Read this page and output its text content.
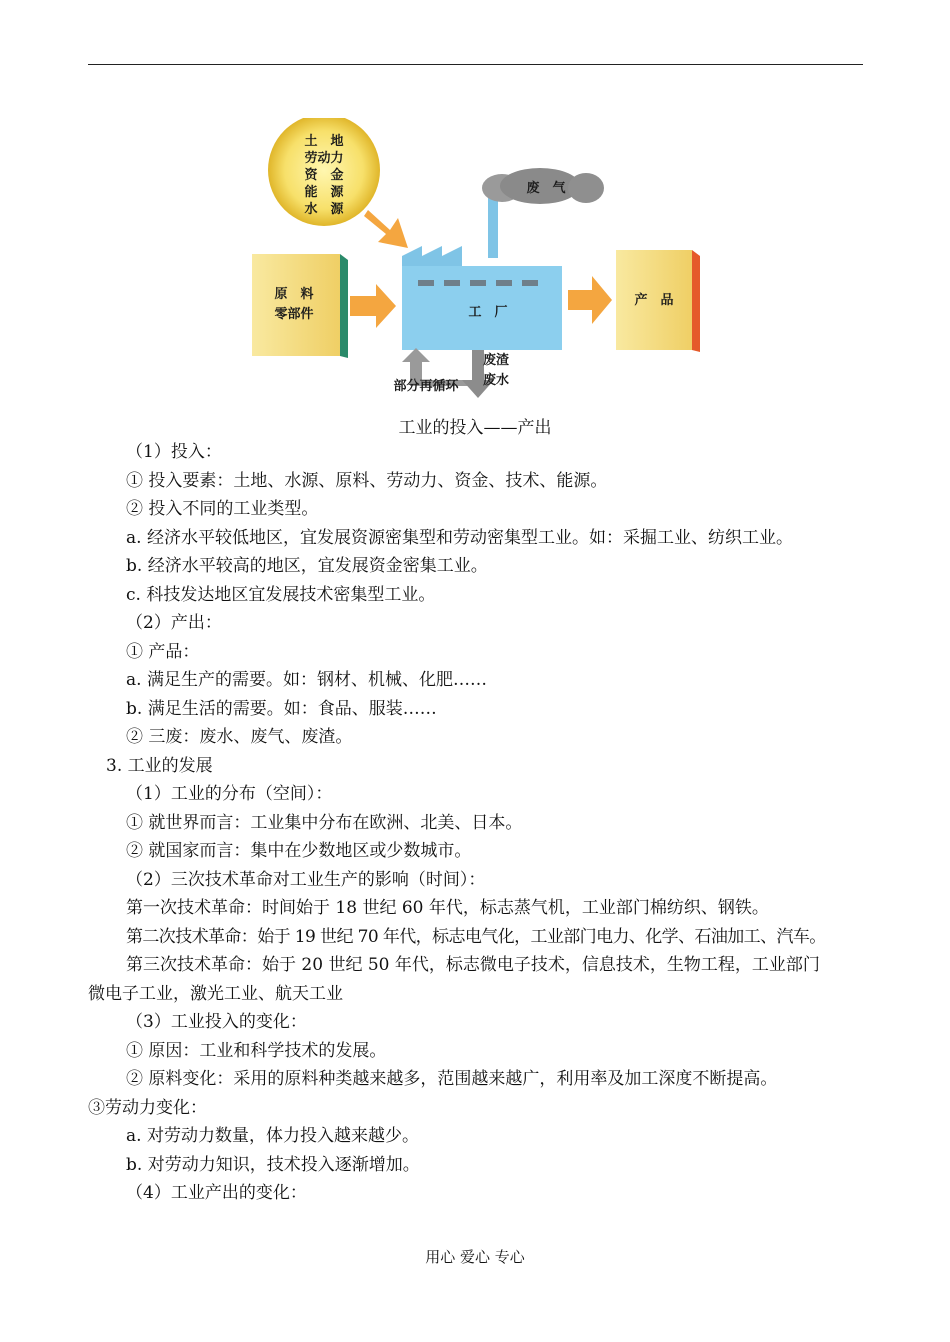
土　地
劳动力
资　金
能　源
水　源
原　料
零部件	工　厂
废　气
产　品
部分再循环
废渣
废水
工业的投入——产出
（1）投入：
① 投入要素：土地、水源、原料、劳动力、资金、技术、能源。
② 投入不同的工业类型。
a. 经济水平较低地区，宜发展资源密集型和劳动密集型工业。如：采掘工业、纺织工业。
b. 经济水平较高的地区，宜发展资金密集工业。
c. 科技发达地区宜发展技术密集型工业。
（2）产出：
① 产品：
a. 满足生产的需要。如：钢材、机械、化肥……
b. 满足生活的需要。如：食品、服装……
② 三废：废水、废气、废渣。
3. 工业的发展
（1）工业的分布（空间）：
① 就世界而言：工业集中分布在欧洲、北美、日本。
② 就国家而言：集中在少数地区或少数城市。
（2）三次技术革命对工业生产的影响（时间）：
第一次技术革命：时间始于 18 世纪 60 年代，标志蒸气机，工业部门棉纺织、钢铁。
第二次技术革命：始于 19 世纪 70 年代，标志电气化，工业部门电力、化学、石油加工、汽车。
第三次技术革命：始于 20 世纪 50 年代，标志微电子技术，信息技术，生物工程，工业部门
微电子工业，激光工业、航天工业
（3）工业投入的变化：
① 原因：工业和科学技术的发展。
② 原料变化：采用的原料种类越来越多，范围越来越广，利用率及加工深度不断提高。
③劳动力变化：
a. 对劳动力数量，体力投入越来越少。
b. 对劳动力知识，技术投入逐渐增加。
（4）工业产出的变化：
用心 爱心 专心
